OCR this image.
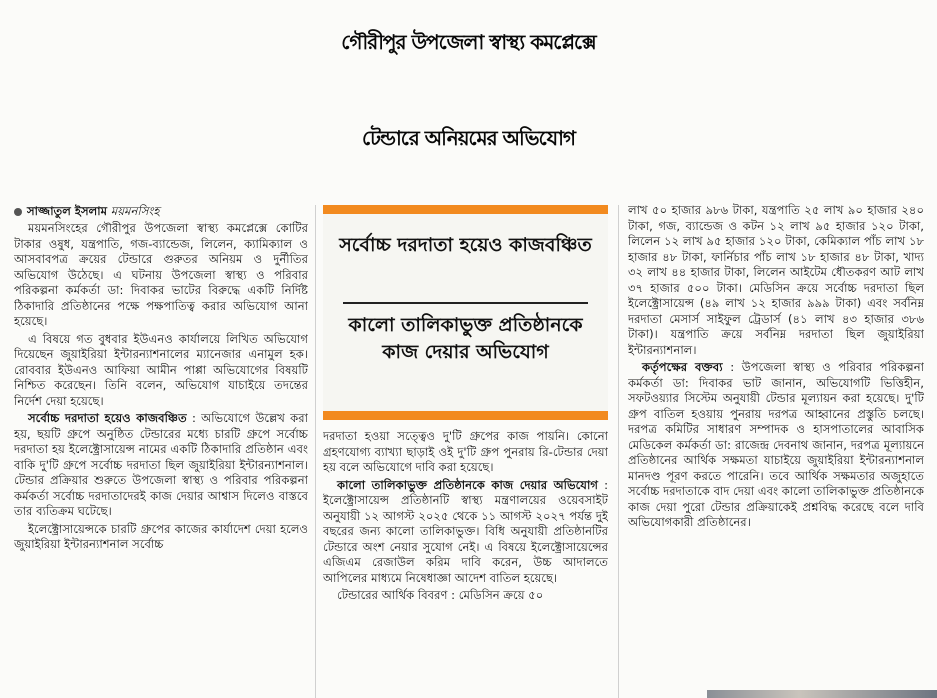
গৌরীপুর উপজেলা স্বাস্থ্য কমপ্লেক্সে
টেন্ডারে অনিয়মের অভিযোগ

সাজ্জাতুল ইসলাম ময়মনসিংহ

ময়মনসিংহের গৌরীপুর উপজেলা স্বাস্থ্য কমপ্লেক্সে কোটির টাকার ওষুধ, যন্ত্রপাতি, গজ-ব্যান্ডেজ, লিলেন, ক্যামিক্যাল ও আসবাবপত্র ক্রয়ের টেন্ডারে গুরুতর অনিয়ম ও দুর্নীতির অভিযোগ উঠেছে। এ ঘটনায় উপজেলা স্বাস্থ্য ও পরিবার পরিকল্পনা কর্মকর্তা ডা: দিবাকর ভাটের বিরুদ্ধে একটি নির্দিষ্ট ঠিকাদারি প্রতিষ্ঠানের পক্ষে পক্ষপাতিত্ব করার অভিযোগ আনা হয়েছে।

এ বিষয়ে গত বুধবার ইউএনও কার্যালয়ে লিখিত অভিযোগ দিয়েছেন জুয়াইরিয়া ইন্টারন্যাশনালের ম্যানেজার এনামুল হক। রোববার ইউএনও আফিয়া আমীন পাপ্পা অভিযোগের বিষয়টি নিশ্চিত করেছেন। তিনি বলেন, অভিযোগ যাচাইয়ে তদন্তের নির্দেশ দেয়া হয়েছে।

সর্বোচ্চ দরদাতা হয়েও কাজবঞ্চিত : অভিযোগে উল্লেখ করা হয়, ছয়টি গ্রুপে অনুষ্ঠিত টেন্ডারের মধ্যে চারটি গ্রুপে সর্বোচ্চ দরদাতা হয় ইলেক্ট্রোসায়েন্স নামের একটি ঠিকাদারি প্রতিষ্ঠান এবং বাকি দু'টি গ্রুপে সর্বোচ্চ দরদাতা ছিল জুয়াইরিয়া ইন্টারন্যাশনাল। টেন্ডার প্রক্রিয়ার শুরুতে উপজেলা স্বাস্থ্য ও পরিবার পরিকল্পনা কর্মকর্তা সর্বোচ্চ দরদাতাদেরই কাজ দেয়ার আশ্বাস দিলেও বাস্তবে তার ব্যতিক্রম ঘটেছে।

ইলেক্ট্রোসায়েন্সকে চারটি গ্রুপের কাজের কার্যাদেশ দেয়া হলেও জুয়াইরিয়া ইন্টারন্যাশনাল সর্বোচ্চ

সর্বোচ্চ দরদাতা হয়েও কাজবঞ্চিত
কালো তালিকাভুক্ত প্রতিষ্ঠানকে কাজ দেয়ার অভিযোগ

দরদাতা হওয়া সত্ত্বেও দু'টি গ্রুপের কাজ পায়নি। কোনো গ্রহণযোগ্য ব্যাখ্যা ছাড়াই ওই দু'টি গ্রুপ পুনরায় রি-টেন্ডার দেয়া হয় বলে অভিযোগে দাবি করা হয়েছে।

কালো তালিকাভুক্ত প্রতিষ্ঠানকে কাজ দেয়ার অভিযোগ : ইলেক্ট্রোসায়েন্স প্রতিষ্ঠানটি স্বাস্থ্য মন্ত্রণালয়ের ওয়েবসাইট অনুযায়ী ১২ আগস্ট ২০২৫ থেকে ১১ আগস্ট ২০২৭ পর্যন্ত দুই বছরের জন্য কালো তালিকাভুক্ত। বিধি অনুযায়ী প্রতিষ্ঠানটির টেন্ডারে অংশ নেয়ার সুযোগ নেই। এ বিষয়ে ইলেক্ট্রোসায়েন্সের এজিএম রেজাউল করিম দাবি করেন, উচ্চ আদালতে আপিলের মাধ্যমে নিষেধাজ্ঞা আদেশ বাতিল হয়েছে।

টেন্ডারের আর্থিক বিবরণ : মেডিসিন ক্রয়ে ৫০

লাখ ৫০ হাজার ৯৮৬ টাকা, যন্ত্রপাতি ২৫ লাখ ৯০ হাজার ২৪০ টাকা, গজ, ব্যান্ডেজ ও কটন ১২ লাখ ৯৫ হাজার ১২০ টাকা, লিলেন ১২ লাখ ৯৫ হাজার ১২০ টাকা, কেমিক্যাল পাঁচ লাখ ১৮ হাজার ৪৮ টাকা, ফার্নিচার পাঁচ লাখ ১৮ হাজার ৪৮ টাকা, খাদ্য ৩২ লাখ ৪৪ হাজার টাকা, লিলেন আইটেম ধৌতকরণ আট লাখ ৩৭ হাজার ৫০০ টাকা। মেডিসিন ক্রয়ে সর্বোচ্চ দরদাতা ছিল ইলেক্ট্রোসায়েন্স (৪৯ লাখ ১২ হাজার ৯৯৯ টাকা) এবং সর্বনিম্ন দরদাতা মেসার্স সাইফুল ট্রেডার্স (৪১ লাখ ৪৩ হাজার ৩৮৬ টাকা)। যন্ত্রপাতি ক্রয়ে সর্বনিম্ন দরদাতা ছিল জুয়াইরিয়া ইন্টারন্যাশনাল।

কর্তৃপক্ষের বক্তব্য : উপজেলা স্বাস্থ্য ও পরিবার পরিকল্পনা কর্মকর্তা ডা: দিবাকর ভাট জানান, অভিযোগটি ভিত্তিহীন, সফটওয়্যার সিস্টেম অনুযায়ী টেন্ডার মূল্যায়ন করা হয়েছে। দু'টি গ্রুপ বাতিল হওয়ায় পুনরায় দরপত্র আহ্বানের প্রস্তুতি চলছে। দরপত্র কমিটির সাধারণ সম্পাদক ও হাসপাতালের আবাসিক মেডিকেল কর্মকর্তা ডা: রাজেন্দ্র দেবনাথ জানান, দরপত্র মূল্যায়নে প্রতিষ্ঠানের আর্থিক সক্ষমতা যাচাইয়ে জুয়াইরিয়া ইন্টারন্যাশনাল মানদণ্ড পূরণ করতে পারেনি। তবে আর্থিক সক্ষমতার অজুহাতে সর্বোচ্চ দরদাতাকে বাদ দেয়া এবং কালো তালিকাভুক্ত প্রতিষ্ঠানকে কাজ দেয়া পুরো টেন্ডার প্রক্রিয়াকেই প্রশ্নবিদ্ধ করেছে বলে দাবি অভিযোগকারী প্রতিষ্ঠানের।
